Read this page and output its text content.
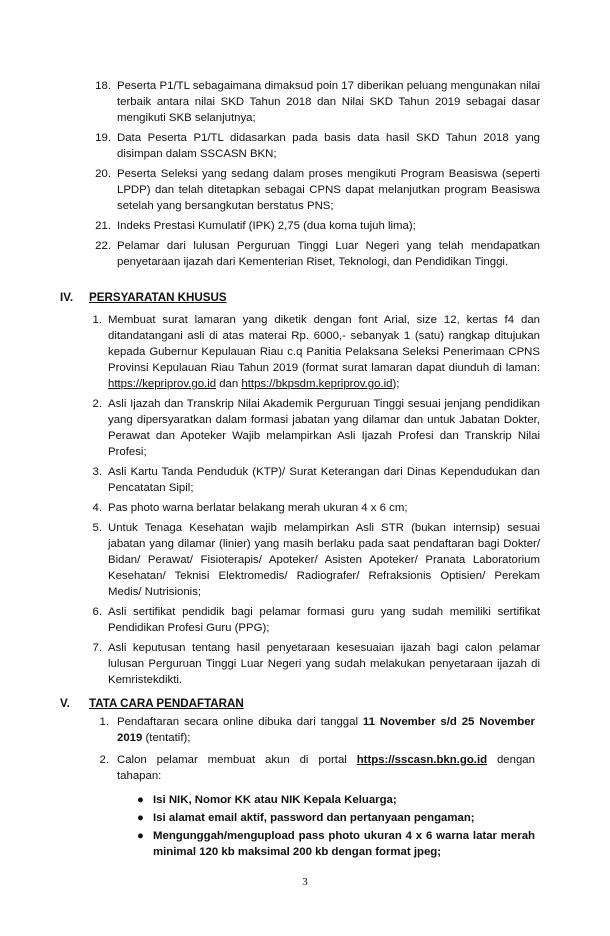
18. Peserta P1/TL sebagaimana dimaksud poin 17 diberikan peluang mengunakan nilai terbaik antara nilai SKD Tahun 2018 dan Nilai SKD Tahun 2019 sebagai dasar mengikuti SKB selanjutnya;
19. Data Peserta P1/TL didasarkan pada basis data hasil SKD Tahun 2018 yang disimpan dalam SSCASN BKN;
20. Peserta Seleksi yang sedang dalam proses mengikuti Program Beasiswa (seperti LPDP) dan telah ditetapkan sebagai CPNS dapat melanjutkan program Beasiswa setelah yang bersangkutan berstatus PNS;
21. Indeks Prestasi Kumulatif (IPK) 2,75 (dua koma tujuh lima);
22. Pelamar dari lulusan Perguruan Tinggi Luar Negeri yang telah mendapatkan penyetaraan ijazah dari Kementerian Riset, Teknologi, dan Pendidikan Tinggi.
IV. PERSYARATAN KHUSUS
1. Membuat surat lamaran yang diketik dengan font Arial, size 12, kertas f4 dan ditandatangani asli di atas materai Rp. 6000,- sebanyak 1 (satu) rangkap ditujukan kepada Gubernur Kepulauan Riau c.q Panitia Pelaksana Seleksi Penerimaan CPNS Provinsi Kepulauan Riau Tahun 2019 (format surat lamaran dapat diunduh di laman: https://kepriprov.go.id dan https://bkpsdm.kepriprov.go.id);
2. Asli Ijazah dan Transkrip Nilai Akademik Perguruan Tinggi sesuai jenjang pendidikan yang dipersyaratkan dalam formasi jabatan yang dilamar dan untuk Jabatan Dokter, Perawat dan Apoteker Wajib melampirkan Asli Ijazah Profesi dan Transkrip Nilai Profesi;
3. Asli Kartu Tanda Penduduk (KTP)/ Surat Keterangan dari Dinas Kependudukan dan Pencatatan Sipil;
4. Pas photo warna berlatar belakang merah ukuran 4 x 6 cm;
5. Untuk Tenaga Kesehatan wajib melampirkan Asli STR (bukan internsip) sesuai jabatan yang dilamar (linier) yang masih berlaku pada saat pendaftaran bagi Dokter/ Bidan/ Perawat/ Fisioterapis/ Apoteker/ Asisten Apoteker/ Pranata Laboratorium Kesehatan/ Teknisi Elektromedis/ Radiografer/ Refraksionis Optisien/ Perekam Medis/ Nutrisionis;
6. Asli sertifikat pendidik bagi pelamar formasi guru yang sudah memiliki sertifikat Pendidikan Profesi Guru (PPG);
7. Asli keputusan tentang hasil penyetaraan kesesuaian ijazah bagi calon pelamar lulusan Perguruan Tinggi Luar Negeri yang sudah melakukan penyetaraan ijazah di Kemristekdikti.
V. TATA CARA PENDAFTARAN
1. Pendaftaran secara online dibuka dari tanggal 11 November s/d 25 November 2019 (tentatif);
2. Calon pelamar membuat akun di portal https://sscasn.bkn.go.id dengan tahapan:
● Isi NIK, Nomor KK atau NIK Kepala Keluarga;
● Isi alamat email aktif, password dan pertanyaan pengaman;
● Mengunggah/mengupload pass photo ukuran 4 x 6 warna latar merah minimal 120 kb maksimal 200 kb dengan format jpeg;
3
